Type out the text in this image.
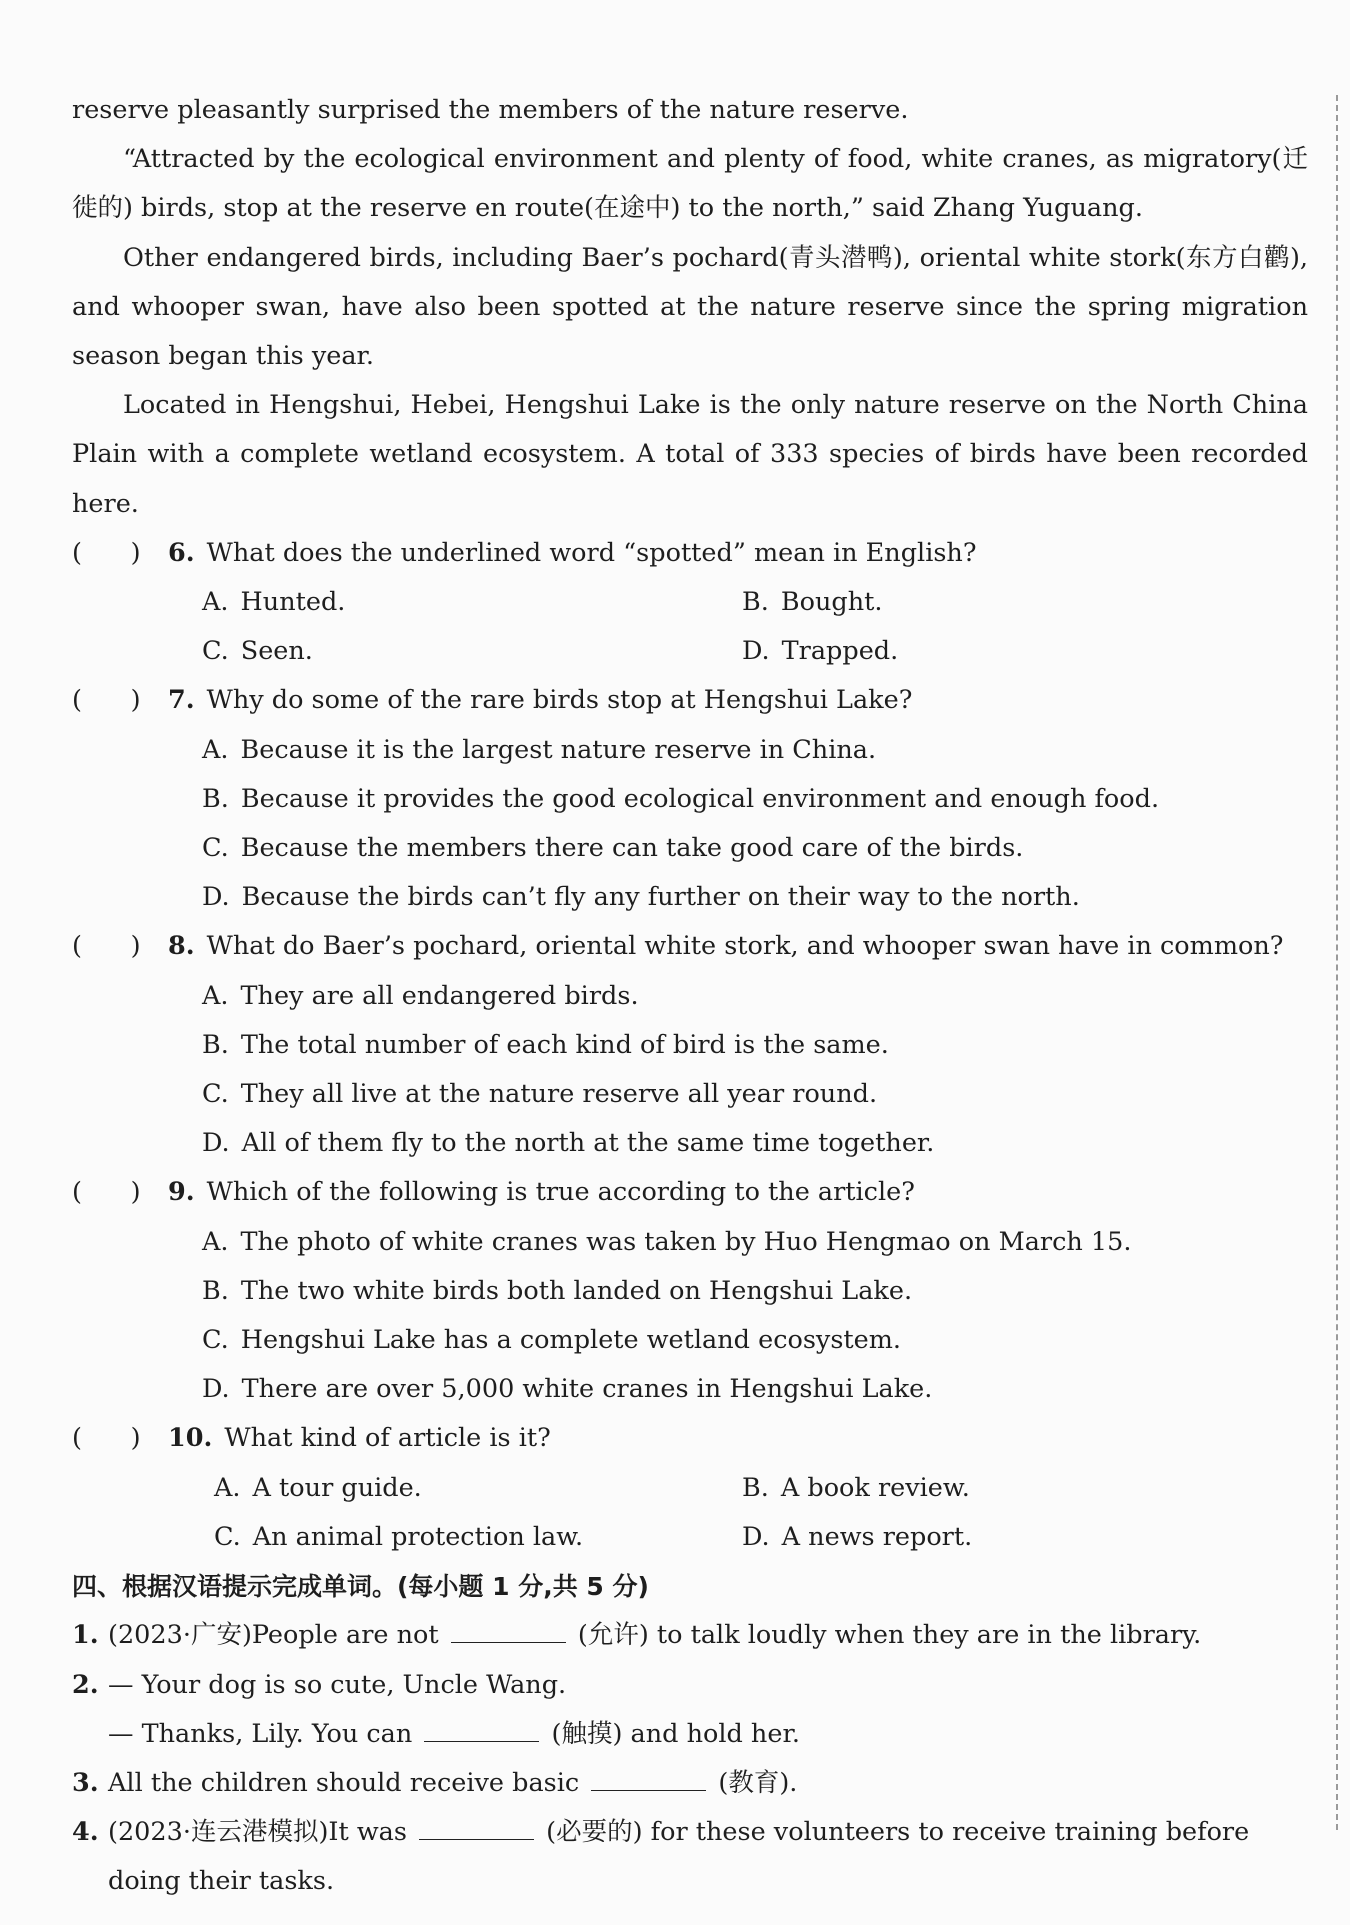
reserve pleasantly surprised the members of the nature reserve.

“Attracted by the ecological environment and plenty of food, white cranes, as migratory(迁徙的) birds, stop at the reserve en route(在途中) to the north,” said Zhang Yuguang.

Other endangered birds, including Baer’s pochard(青头潜鸭), oriental white stork(东方白鹳), and whooper swan, have also been spotted at the nature reserve since the spring migration season began this year.

Located in Hengshui, Hebei, Hengshui Lake is the only nature reserve on the North China Plain with a complete wetland ecosystem. A total of 333 species of birds have been recorded here.

(      )	6. What does the underlined word “spotted” mean in English?
A. Hunted.	B. Bought.
C. Seen.	D. Trapped.
(      )	7. Why do some of the rare birds stop at Hengshui Lake?
A. Because it is the largest nature reserve in China.
B. Because it provides the good ecological environment and enough food.
C. Because the members there can take good care of the birds.
D. Because the birds can’t fly any further on their way to the north.
(      )	8. What do Baer’s pochard, oriental white stork, and whooper swan have in common?
A. They are all endangered birds.
B. The total number of each kind of bird is the same.
C. They all live at the nature reserve all year round.
D. All of them fly to the north at the same time together.
(      )	9. Which of the following is true according to the article?
A. The photo of white cranes was taken by Huo Hengmao on March 15.
B. The two white birds both landed on Hengshui Lake.
C. Hengshui Lake has a complete wetland ecosystem.
D. There are over 5,000 white cranes in Hengshui Lake.
(      )	10. What kind of article is it?
A. A tour guide.	B. A book review.
C. An animal protection law.	D. A news report.

四、根据汉语提示完成单词。(每小题 1 分,共 5 分)

1. (2023·广安)People are not	(允许) to talk loudly when they are in the library.
2. — Your dog is so cute, Uncle Wang.

— Thanks, Lily. You can	(触摸) and hold her.

3. All the children should receive basic	(教育).
4. (2023·连云港模拟)It was	(必要的) for these volunteers to receive training before

doing their tasks.
